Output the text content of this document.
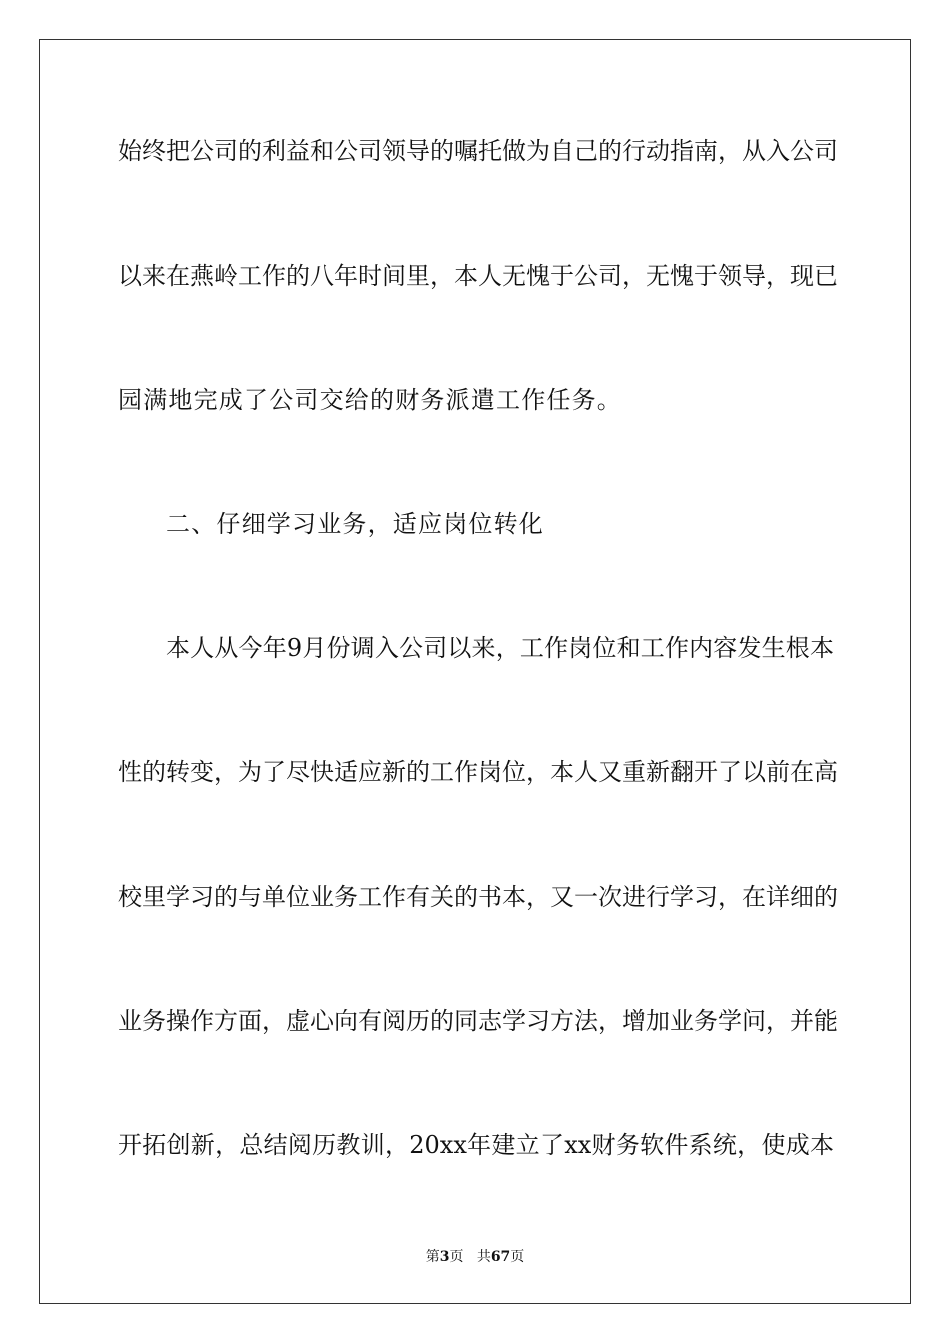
始终把公司的利益和公司领导的嘱托做为自己的行动指南，从入公司
以来在燕岭工作的八年时间里，本人无愧于公司，无愧于领导，现已
园满地完成了公司交给的财务派遣工作任务。
二、仔细学习业务，适应岗位转化
本人从今年9月份调入公司以来，工作岗位和工作内容发生根本
性的转变，为了尽快适应新的工作岗位，本人又重新翻开了以前在高
校里学习的与单位业务工作有关的书本，又一次进行学习，在详细的
业务操作方面，虚心向有阅历的同志学习方法，增加业务学问，并能
开拓创新，总结阅历教训，20xx年建立了xx财务软件系统，使成本
第3页 共67页
